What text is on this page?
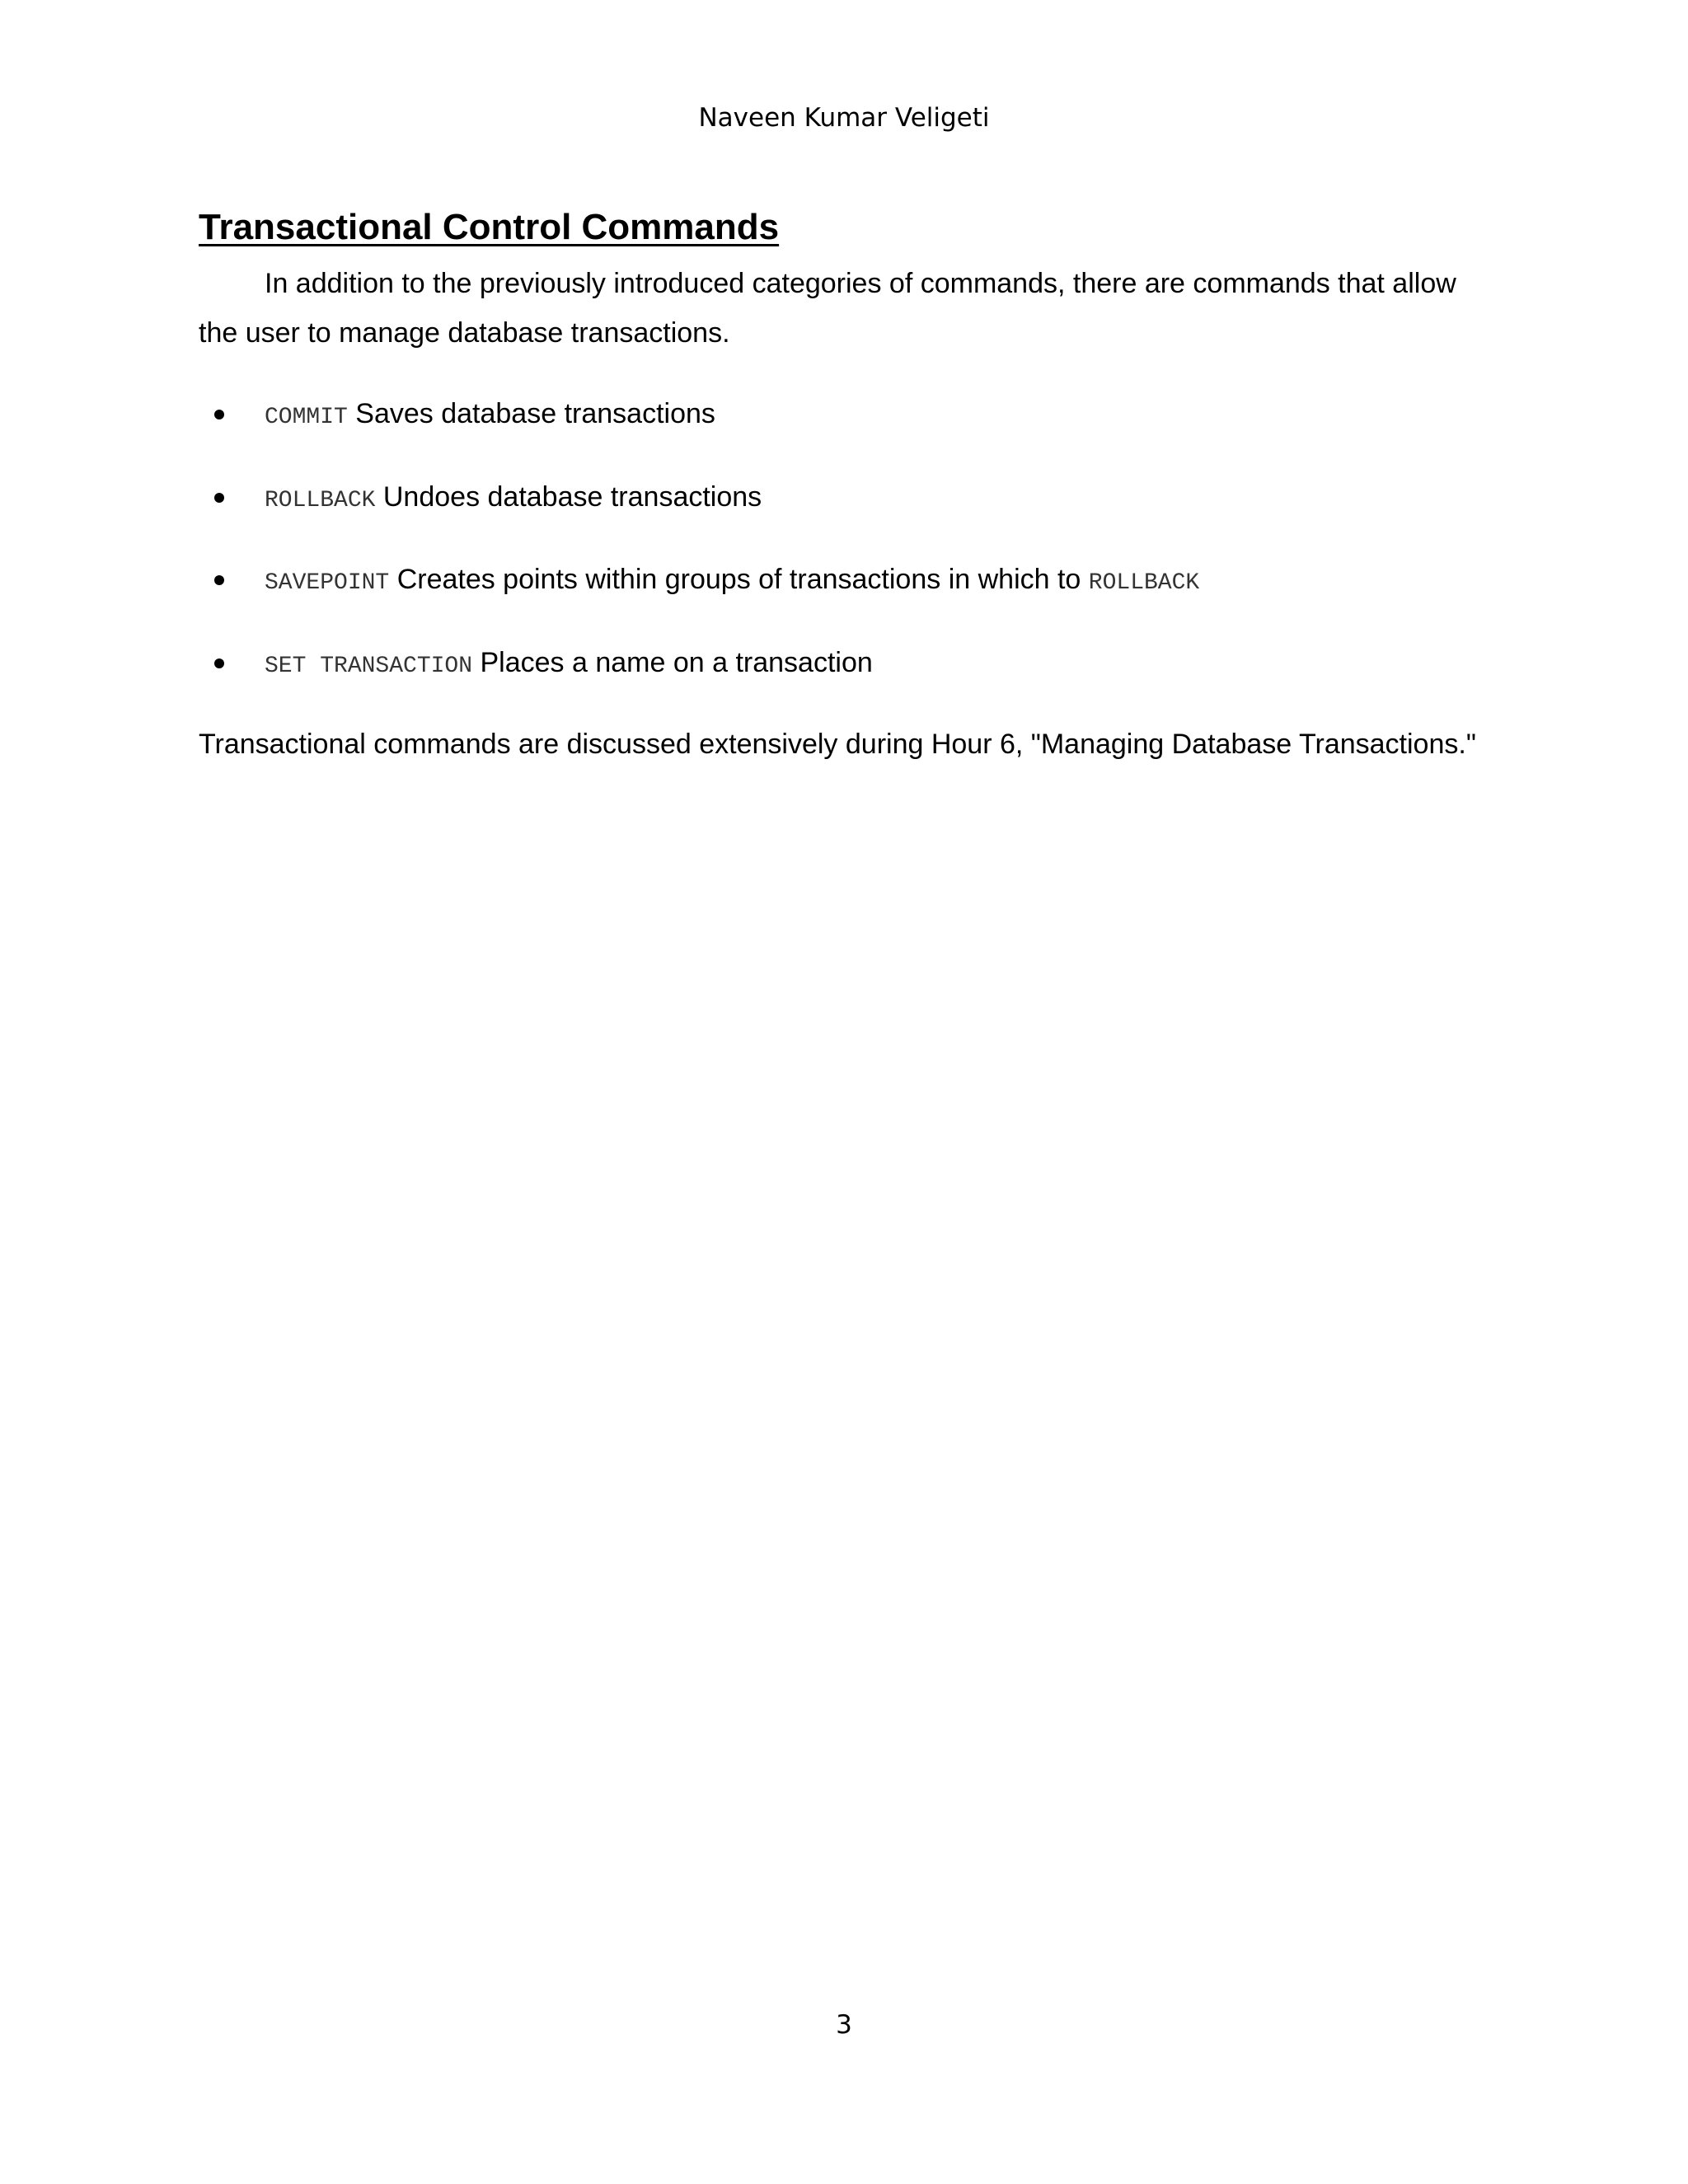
Naveen Kumar Veligeti
Transactional Control Commands

In addition to the previously introduced categories of commands, there are commands that allow the user to manage database transactions.

COMMIT Saves database transactions
ROLLBACK Undoes database transactions
SAVEPOINT Creates points within groups of transactions in which to ROLLBACK
SET TRANSACTION Places a name on a transaction

Transactional commands are discussed extensively during Hour 6, "Managing Database Transactions."

3
